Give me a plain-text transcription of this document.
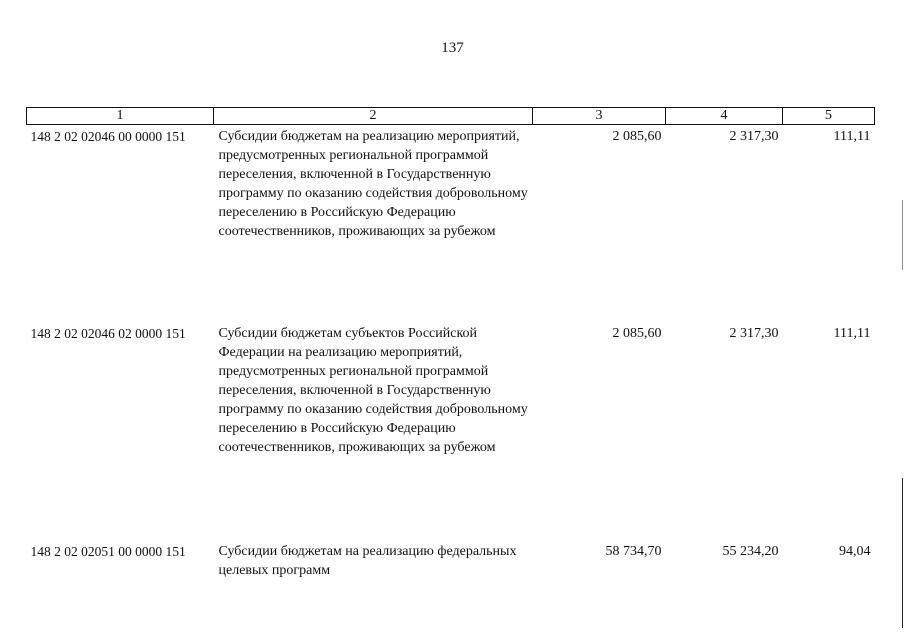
137
1	2	3	4	5
148 2 02 02046 00 0000 151	Субсидии бюджетам на реализацию мероприятий, предусмотренных региональной программой переселения, включенной в Государственную программу по оказанию содействия добровольному переселению в Российскую Федерацию соотечественников, проживающих за рубежом	2 085,60	2 317,30	111,11
148 2 02 02046 02 0000 151	Субсидии бюджетам субъектов Российской Федерации на реализацию мероприятий, предусмотренных региональной программой переселения, включенной в Государственную программу по оказанию содействия добровольному переселению в Российскую Федерацию соотечественников, проживающих за рубежом	2 085,60	2 317,30	111,11
148 2 02 02051 00 0000 151	Субсидии бюджетам на реализацию федеральных целевых программ	58 734,70	55 234,20	94,04
